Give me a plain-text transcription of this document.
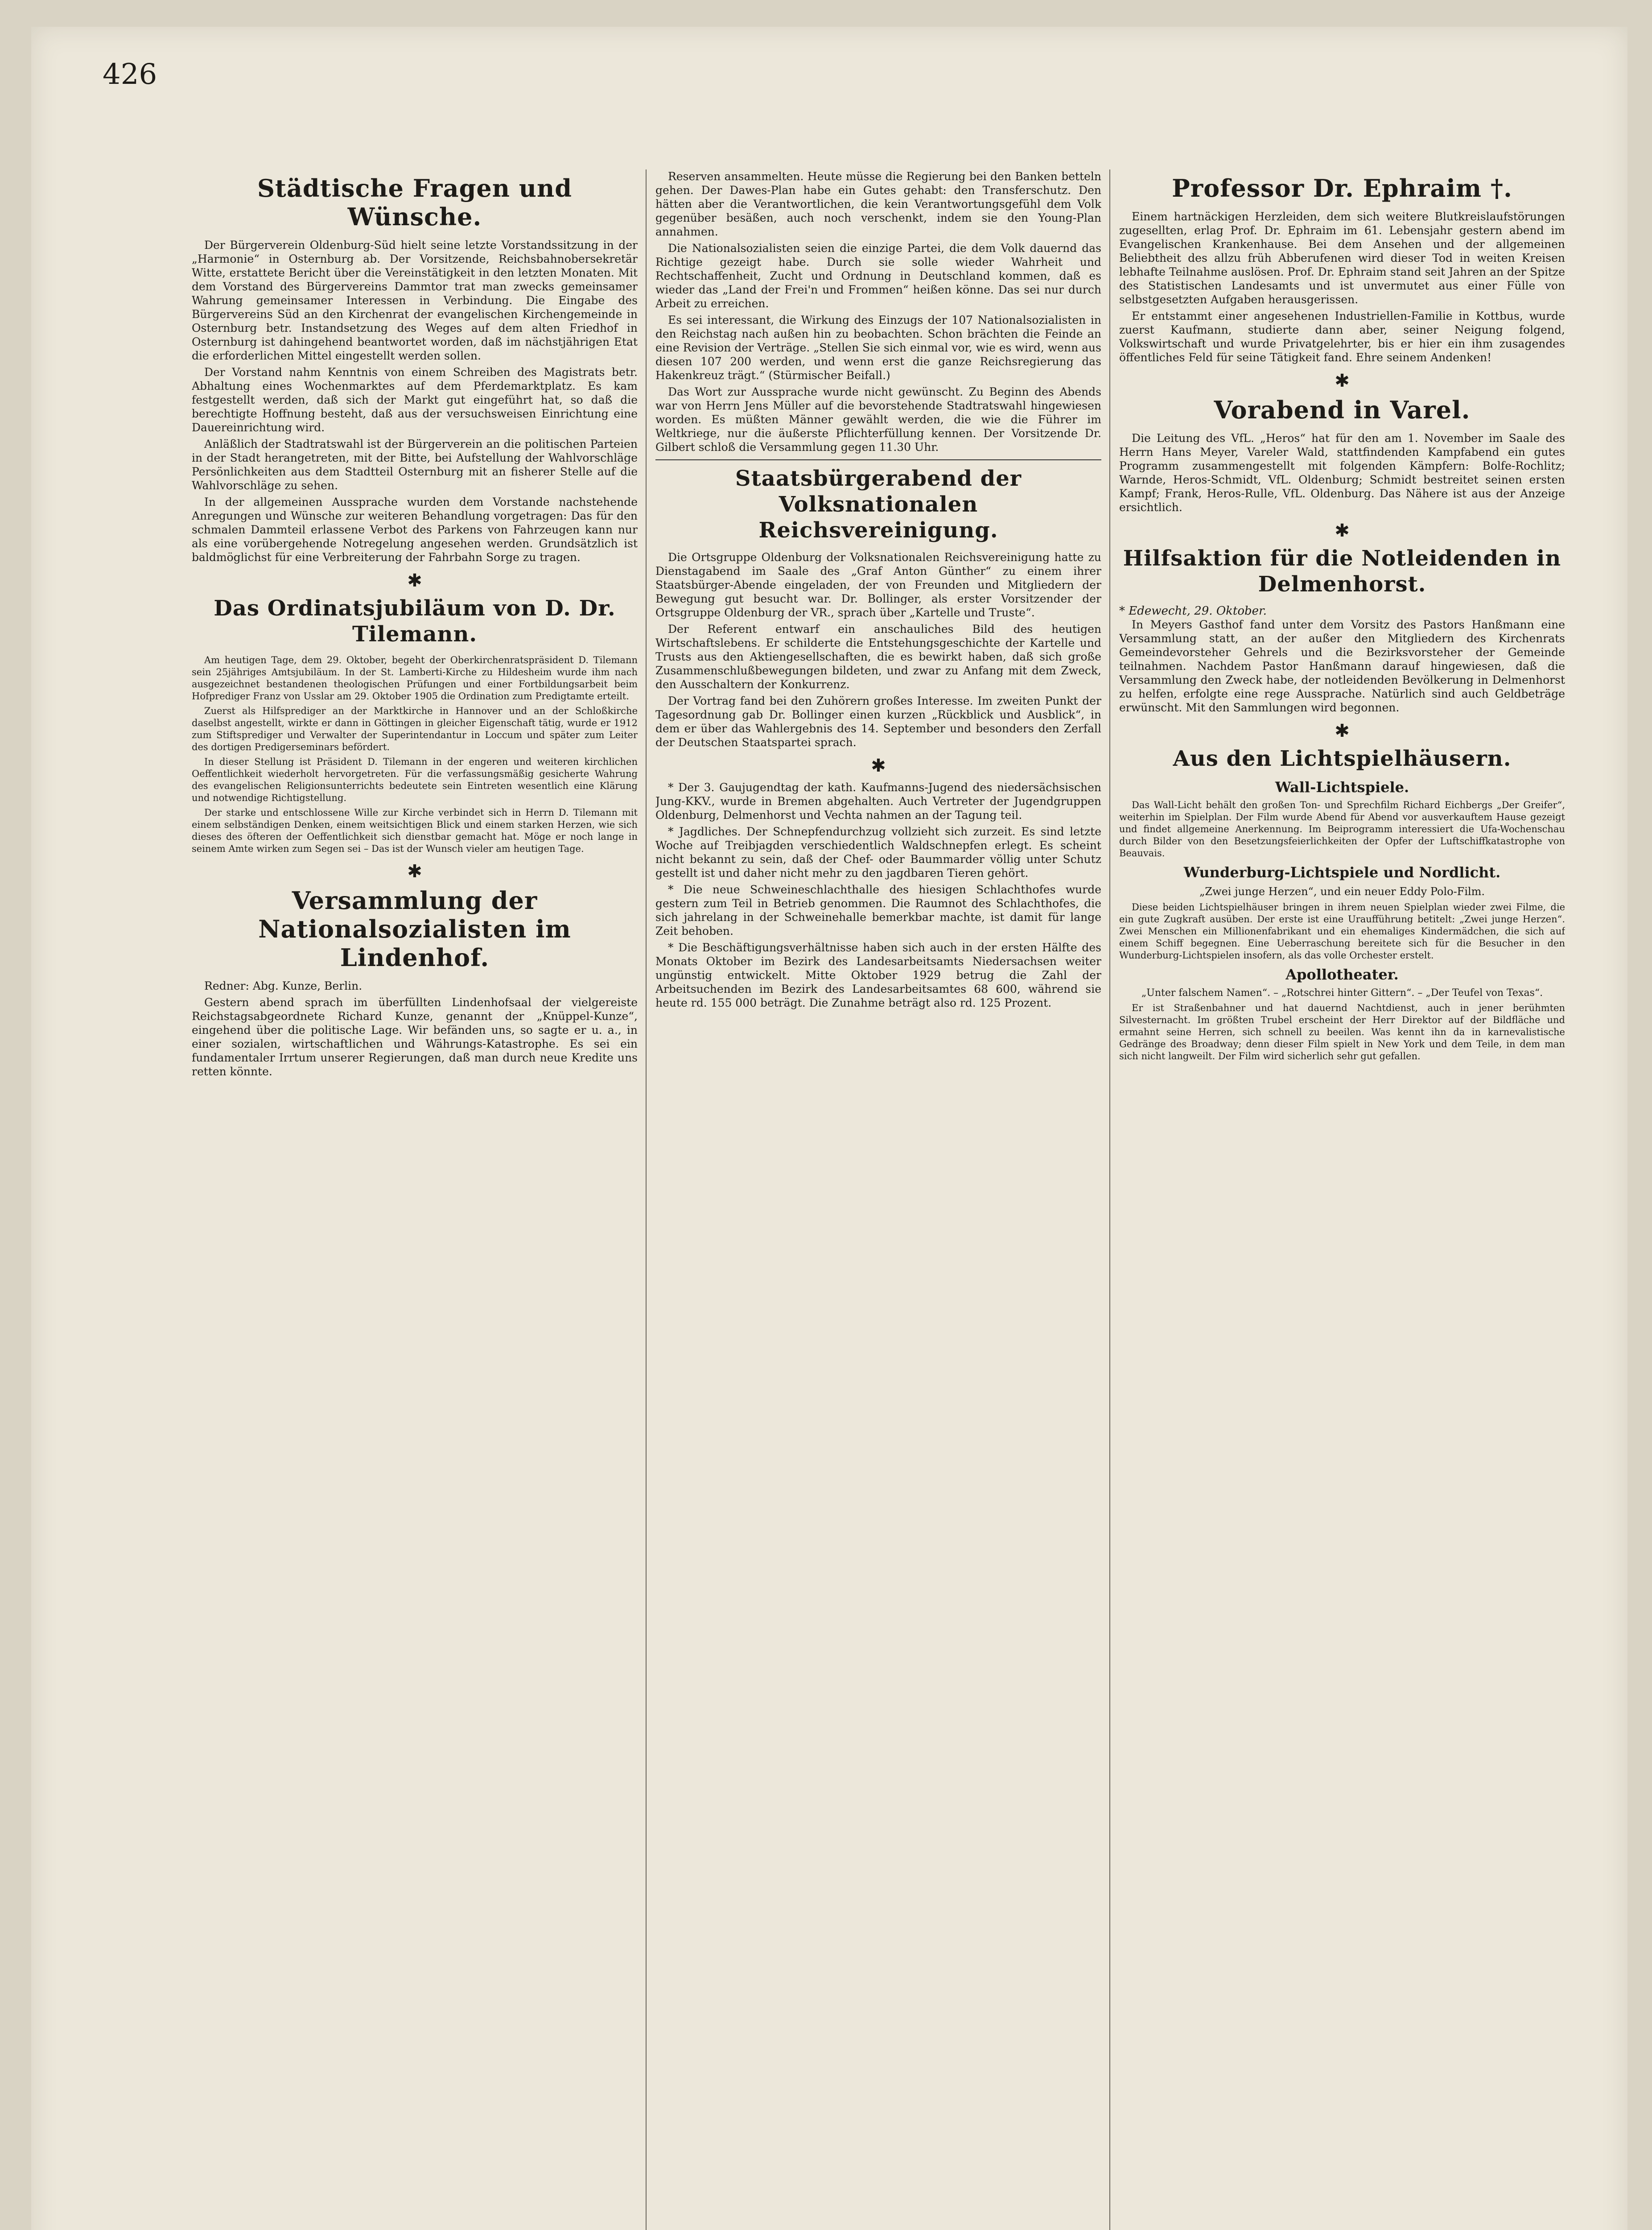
426
Städtische Fragen und Wünsche.

Der Bürgerverein Oldenburg-Süd hielt seine letzte Vorstandssitzung in der „Harmonie“ in Osternburg ab. Der Vorsitzende, Reichsbahnobersekretär Witte, erstattete Bericht über die Vereinstätigkeit in den letzten Monaten. Mit dem Vorstand des Bürgervereins Dammtor trat man zwecks gemeinsamer Wahrung gemeinsamer Interessen in Verbindung. Die Eingabe des Bürgervereins Süd an den Kirchenrat der evangelischen Kirchengemeinde in Osternburg betr. Instandsetzung des Weges auf dem alten Friedhof in Osternburg ist dahingehend beantwortet worden, daß im nächstjährigen Etat die erforderlichen Mittel eingestellt werden sollen.

Der Vorstand nahm Kenntnis von einem Schreiben des Magistrats betr. Abhaltung eines Wochenmarktes auf dem Pferdemarktplatz. Es kam festgestellt werden, daß sich der Markt gut eingeführt hat, so daß die berechtigte Hoffnung besteht, daß aus der versuchsweisen Einrichtung eine Dauereinrichtung wird.

Anläßlich der Stadtratswahl ist der Bürgerverein an die politischen Parteien in der Stadt herangetreten, mit der Bitte, bei Aufstellung der Wahlvorschläge Persönlichkeiten aus dem Stadtteil Osternburg mit an fisherer Stelle auf die Wahlvorschläge zu sehen.

In der allgemeinen Aussprache wurden dem Vorstande nachstehende Anregungen und Wünsche zur weiteren Behandlung vorgetragen: Das für den schmalen Dammteil erlassene Verbot des Parkens von Fahrzeugen kann nur als eine vorübergehende Notregelung angesehen werden. Grundsätzlich ist baldmöglichst für eine Verbreiterung der Fahrbahn Sorge zu tragen.

✱
Das Ordinatsjubiläum von D. Dr. Tilemann.

Am heutigen Tage, dem 29. Oktober, begeht der Oberkirchenratspräsident D. Tilemann sein 25jähriges Amtsjubiläum. In der St. Lamberti-Kirche zu Hildesheim wurde ihm nach ausgezeichnet bestandenen theologischen Prüfungen und einer Fortbildungsarbeit beim Hofprediger Franz von Usslar am 29. Oktober 1905 die Ordination zum Predigtamte erteilt.

Zuerst als Hilfsprediger an der Marktkirche in Hannover und an der Schloßkirche daselbst angestellt, wirkte er dann in Göttingen in gleicher Eigenschaft tätig, wurde er 1912 zum Stiftsprediger und Verwalter der Superintendantur in Loccum und später zum Leiter des dortigen Predigerseminars befördert.

In dieser Stellung ist Präsident D. Tilemann in der engeren und weiteren kirchlichen Oeffentlichkeit wiederholt hervorgetreten. Für die verfassungsmäßig gesicherte Wahrung des evangelischen Religionsunterrichts bedeutete sein Eintreten wesentlich eine Klärung und notwendige Richtigstellung.

Der starke und entschlossene Wille zur Kirche verbindet sich in Herrn D. Tilemann mit einem selbständigen Denken, einem weitsichtigen Blick und einem starken Herzen, wie sich dieses des öfteren der Oeffentlichkeit sich dienstbar gemacht hat. Möge er noch lange in seinem Amte wirken zum Segen sei – Das ist der Wunsch vieler am heutigen Tage.

✱
Versammlung der Nationalsozialisten im Lindenhof.

Redner: Abg. Kunze, Berlin.

Gestern abend sprach im überfüllten Lindenhofsaal der vielgereiste Reichstagsabgeordnete Richard Kunze, genannt der „Knüppel-Kunze“, eingehend über die politische Lage. Wir befänden uns, so sagte er u. a., in einer sozialen, wirtschaftlichen und Währungs-Katastrophe. Es sei ein fundamentaler Irrtum unserer Regierungen, daß man durch neue Kredite uns retten könnte.

Reserven ansammelten. Heute müsse die Regierung bei den Banken betteln gehen. Der Dawes-Plan habe ein Gutes gehabt: den Transferschutz. Den hätten aber die Verantwortlichen, die kein Verantwortungsgefühl dem Volk gegenüber besäßen, auch noch verschenkt, indem sie den Young-Plan annahmen.

Die Nationalsozialisten seien die einzige Partei, die dem Volk dauernd das Richtige gezeigt habe. Durch sie solle wieder Wahrheit und Rechtschaffenheit, Zucht und Ordnung in Deutschland kommen, daß es wieder das „Land der Frei'n und Frommen“ heißen könne. Das sei nur durch Arbeit zu erreichen.

Es sei interessant, die Wirkung des Einzugs der 107 Nationalsozialisten in den Reichstag nach außen hin zu beobachten. Schon brächten die Feinde an eine Revision der Verträge. „Stellen Sie sich einmal vor, wie es wird, wenn aus diesen 107 200 werden, und wenn erst die ganze Reichsregierung das Hakenkreuz trägt.“ (Stürmischer Beifall.)

Das Wort zur Aussprache wurde nicht gewünscht. Zu Beginn des Abends war von Herrn Jens Müller auf die bevorstehende Stadtratswahl hingewiesen worden. Es müßten Männer gewählt werden, die wie die Führer im Weltkriege, nur die äußerste Pflichterfüllung kennen. Der Vorsitzende Dr. Gilbert schloß die Versammlung gegen 11.30 Uhr.

Staatsbürgerabend der Volksnationalen Reichsvereinigung.

Die Ortsgruppe Oldenburg der Volksnationalen Reichsvereinigung hatte zu Dienstagabend im Saale des „Graf Anton Günther“ zu einem ihrer Staatsbürger-Abende eingeladen, der von Freunden und Mitgliedern der Bewegung gut besucht war. Dr. Bollinger, als erster Vorsitzender der Ortsgruppe Oldenburg der VR., sprach über „Kartelle und Truste“.

Der Referent entwarf ein anschauliches Bild des heutigen Wirtschaftslebens. Er schilderte die Entstehungsgeschichte der Kartelle und Trusts aus den Aktiengesellschaften, die es bewirkt haben, daß sich große Zusammenschlußbewegungen bildeten, und zwar zu Anfang mit dem Zweck, den Ausschaltern der Konkurrenz.

Der Vortrag fand bei den Zuhörern großes Interesse. Im zweiten Punkt der Tagesordnung gab Dr. Bollinger einen kurzen „Rückblick und Ausblick“, in dem er über das Wahlergebnis des 14. September und besonders den Zerfall der Deutschen Staatspartei sprach.

✱

* Der 3. Gaujugendtag der kath. Kaufmanns-Jugend des niedersächsischen Jung-KKV., wurde in Bremen abgehalten. Auch Vertreter der Jugendgruppen Oldenburg, Delmenhorst und Vechta nahmen an der Tagung teil.

* Jagdliches. Der Schnepfendurchzug vollzieht sich zurzeit. Es sind letzte Woche auf Treibjagden verschiedentlich Waldschnepfen erlegt. Es scheint nicht bekannt zu sein, daß der Chef- oder Baummarder völlig unter Schutz gestellt ist und daher nicht mehr zu den jagdbaren Tieren gehört.

* Die neue Schweineschlachthalle des hiesigen Schlachthofes wurde gestern zum Teil in Betrieb genommen. Die Raumnot des Schlachthofes, die sich jahrelang in der Schweinehalle bemerkbar machte, ist damit für lange Zeit behoben.

* Die Beschäftigungsverhältnisse haben sich auch in der ersten Hälfte des Monats Oktober im Bezirk des Landesarbeitsamts Niedersachsen weiter ungünstig entwickelt. Mitte Oktober 1929 betrug die Zahl der Arbeitsuchenden im Bezirk des Landesarbeitsamtes 68 600, während sie heute rd. 155 000 beträgt. Die Zunahme beträgt also rd. 125 Prozent.

Professor Dr. Ephraim †.

Einem hartnäckigen Herzleiden, dem sich weitere Blutkreislaufstörungen zugesellten, erlag Prof. Dr. Ephraim im 61. Lebensjahr gestern abend im Evangelischen Krankenhause. Bei dem Ansehen und der allgemeinen Beliebtheit des allzu früh Abberufenen wird dieser Tod in weiten Kreisen lebhafte Teilnahme auslösen. Prof. Dr. Ephraim stand seit Jahren an der Spitze des Statistischen Landesamts und ist unvermutet aus einer Fülle von selbstgesetzten Aufgaben herausgerissen.

Er entstammt einer angesehenen Industriellen-Familie in Kottbus, wurde zuerst Kaufmann, studierte dann aber, seiner Neigung folgend, Volkswirtschaft und wurde Privatgelehrter, bis er hier ein ihm zusagendes öffentliches Feld für seine Tätigkeit fand. Ehre seinem Andenken!

✱
Vorabend in Varel.

Die Leitung des VfL. „Heros“ hat für den am 1. November im Saale des Herrn Hans Meyer, Vareler Wald, stattfindenden Kampfabend ein gutes Programm zusammengestellt mit folgenden Kämpfern: Bolfe-Rochlitz; Warnde, Heros-Schmidt, VfL. Oldenburg; Schmidt bestreitet seinen ersten Kampf; Frank, Heros-Rulle, VfL. Oldenburg. Das Nähere ist aus der Anzeige ersichtlich.

✱
Hilfsaktion für die Notleidenden in Delmenhorst.
* Edewecht, 29. Oktober.

In Meyers Gasthof fand unter dem Vorsitz des Pastors Hanßmann eine Versammlung statt, an der außer den Mitgliedern des Kirchenrats Gemeindevorsteher Gehrels und die Bezirksvorsteher der Gemeinde teilnahmen. Nachdem Pastor Hanßmann darauf hingewiesen, daß die Versammlung den Zweck habe, der notleidenden Bevölkerung in Delmenhorst zu helfen, erfolgte eine rege Aussprache. Natürlich sind auch Geldbeträge erwünscht. Mit den Sammlungen wird begonnen.

✱
Aus den Lichtspielhäusern.
Wall-Lichtspiele.

Das Wall-Licht behält den großen Ton- und Sprechfilm Richard Eichbergs „Der Greifer“, weiterhin im Spielplan. Der Film wurde Abend für Abend vor ausverkauftem Hause gezeigt und findet allgemeine Anerkennung. Im Beiprogramm interessiert die Ufa-Wochenschau durch Bilder von den Besetzungsfeierlichkeiten der Opfer der Luftschiffkatastrophe von Beauvais.

Wunderburg-Lichtspiele und Nordlicht.
„Zwei junge Herzen“, und ein neuer Eddy Polo-Film.

Diese beiden Lichtspielhäuser bringen in ihrem neuen Spielplan wieder zwei Filme, die ein gute Zugkraft ausüben. Der erste ist eine Uraufführung betitelt: „Zwei junge Herzen“. Zwei Menschen ein Millionenfabrikant und ein ehemaliges Kindermädchen, die sich auf einem Schiff begegnen. Eine Ueberraschung bereitete sich für die Besucher in den Wunderburg-Lichtspielen insofern, als das volle Orchester erstelt.

Apollotheater.
„Unter falschem Namen“. – „Rotschrei hinter Gittern“. – „Der Teufel von Texas“.

Er ist Straßenbahner und hat dauernd Nachtdienst, auch in jener berühmten Silvesternacht. Im größten Trubel erscheint der Herr Direktor auf der Bildfläche und ermahnt seine Herren, sich schnell zu beeilen. Was kennt ihn da in karnevalistische Gedränge des Broadway; denn dieser Film spielt in New York und dem Teile, in dem man sich nicht langweilt. Der Film wird sicherlich sehr gut gefallen.
